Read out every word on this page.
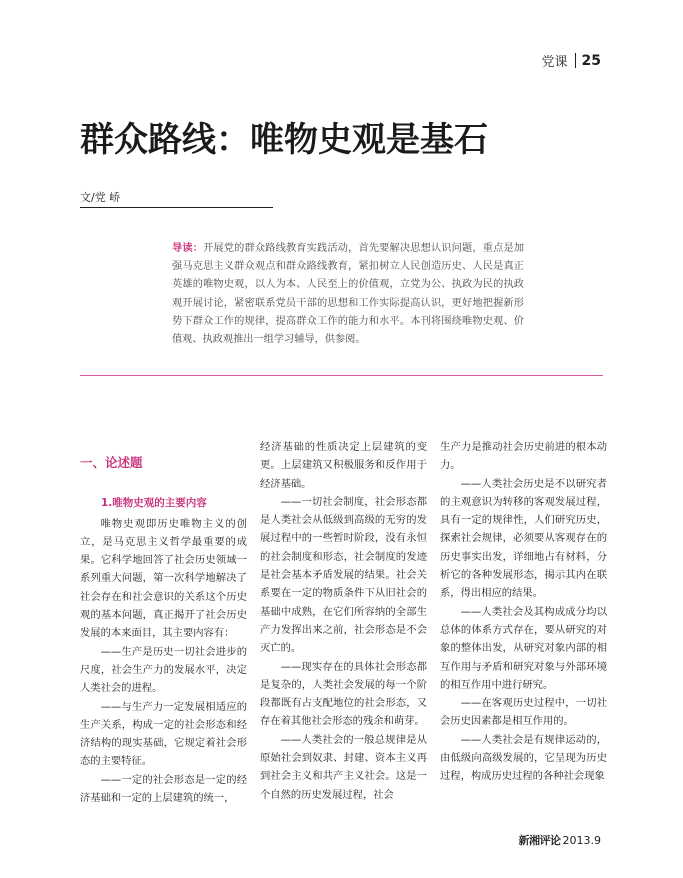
党课 25
群众路线：唯物史观是基石
文/党 峤
导读：开展党的群众路线教育实践活动，首先要解决思想认识问题，重点是加强马克思主义群众观点和群众路线教育，紧扣树立人民创造历史、人民是真正英雄的唯物史观，以人为本、人民至上的价值观，立党为公、执政为民的执政观开展讨论，紧密联系党员干部的思想和工作实际提高认识，更好地把握新形势下群众工作的规律，提高群众工作的能力和水平。本刊将围绕唯物史观、价值观、执政观推出一组学习辅导，供参阅。

一、论述题

1.唯物史观的主要内容

唯物史观即历史唯物主义的创立，是马克思主义哲学最重要的成果。它科学地回答了社会历史领域一系列重大问题，第一次科学地解决了社会存在和社会意识的关系这个历史观的基本问题，真正揭开了社会历史发展的本来面目，其主要内容有：

——生产是历史一切社会进步的尺度，社会生产力的发展水平，决定人类社会的进程。

——与生产力一定发展相适应的生产关系，构成一定的社会形态和经济结构的现实基础，它规定着社会形态的主要特征。

——一定的社会形态是一定的经济基础和一定的上层建筑的统一，

经济基础的性质决定上层建筑的变更。上层建筑又积极服务和反作用于经济基础。

——一切社会制度，社会形态都是人类社会从低级到高级的无穷的发展过程中的一些暂时阶段，没有永恒的社会制度和形态，社会制度的发迹是社会基本矛盾发展的结果。社会关系要在一定的物质条件下从旧社会的基础中成熟，在它们所容纳的全部生产力发挥出来之前，社会形态是不会灭亡的。

——现实存在的具体社会形态都是复杂的，人类社会发展的每一个阶段都既有占支配地位的社会形态，又存在着其他社会形态的残余和萌芽。

——人类社会的一般总规律是从原始社会到奴隶、封建、资本主义再到社会主义和共产主义社会。这是一个自然的历史发展过程，社会

生产力是推动社会历史前进的根本动力。

——人类社会历史是不以研究者的主观意识为转移的客观发展过程，具有一定的规律性，人们研究历史，探索社会规律，必须要从客观存在的历史事实出发，详细地占有材料，分析它的各种发展形态，揭示其内在联系，得出相应的结果。

——人类社会及其构成成分均以总体的体系方式存在，要从研究的对象的整体出发，从研究对象内部的相互作用与矛盾和研究对象与外部环境的相互作用中进行研究。

——在客观历史过程中，一切社会历史因素都是相互作用的。

——人类社会是有规律运动的，由低级向高级发展的，它呈现为历史过程，构成历史过程的各种社会现象

新湘评论 2013.9
